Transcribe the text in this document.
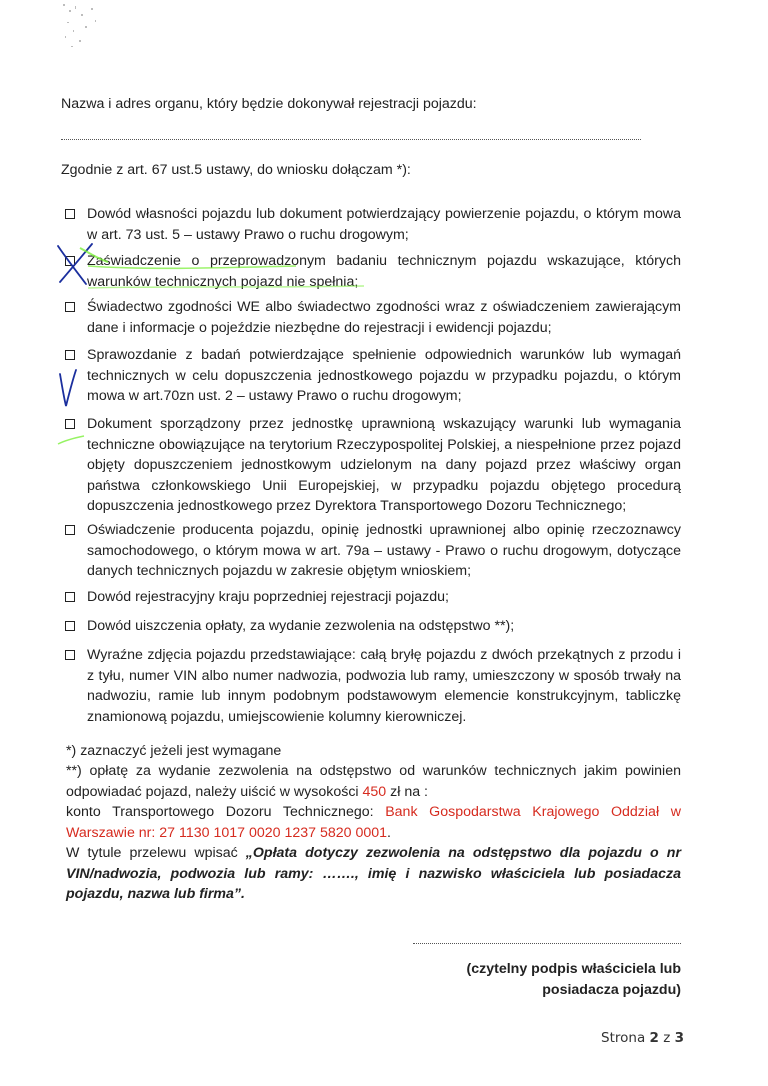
Nazwa i adres organu, który będzie dokonywał rejestracji pojazdu:
Zgodnie z art. 67 ust.5 ustawy, do wniosku dołączam *):
Dowód własności pojazdu lub dokument potwierdzający powierzenie pojazdu, o którym mowa w art. 73 ust. 5 – ustawy Prawo o ruchu drogowym;
Zaświadczenie o przeprowadzonym badaniu technicznym pojazdu wskazujące, których warunków technicznych pojazd nie spełnia;
Świadectwo zgodności WE albo świadectwo zgodności wraz z oświadczeniem zawierającym dane i informacje o pojeździe niezbędne do rejestracji i ewidencji pojazdu;
Sprawozdanie z badań potwierdzające spełnienie odpowiednich warunków lub wymagań technicznych w celu dopuszczenia jednostkowego pojazdu w przypadku pojazdu, o którym mowa w art.70zn ust. 2 – ustawy Prawo o ruchu drogowym;
Dokument sporządzony przez jednostkę uprawnioną wskazujący warunki lub wymagania techniczne obowiązujące na terytorium Rzeczypospolitej Polskiej, a niespełnione przez pojazd objęty dopuszczeniem jednostkowym udzielonym na dany pojazd przez właściwy organ państwa członkowskiego Unii Europejskiej, w przypadku pojazdu objętego procedurą dopuszczenia jednostkowego przez Dyrektora Transportowego Dozoru Technicznego;
Oświadczenie producenta pojazdu, opinię jednostki uprawnionej albo opinię rzeczoznawcy samochodowego, o którym mowa w art. 79a – ustawy - Prawo o ruchu drogowym, dotyczące danych technicznych pojazdu w zakresie objętym wnioskiem;
Dowód rejestracyjny kraju poprzedniej rejestracji pojazdu;
Dowód uiszczenia opłaty, za wydanie zezwolenia na odstępstwo **);
Wyraźne zdjęcia pojazdu przedstawiające: całą bryłę pojazdu z dwóch przekątnych z przodu i z tyłu, numer VIN albo numer nadwozia, podwozia lub ramy, umieszczony w sposób trwały na nadwoziu, ramie lub innym podobnym podstawowym elemencie konstrukcyjnym, tabliczkę znamionową pojazdu, umiejscowienie kolumny kierowniczej.
*) zaznaczyć jeżeli jest wymagane
**) opłatę za wydanie zezwolenia na odstępstwo od warunków technicznych jakim powinien odpowiadać pojazd, należy uiścić w wysokości 450 zł na :
konto Transportowego Dozoru Technicznego: Bank Gospodarstwa Krajowego Oddział w Warszawie nr: 27 1130 1017 0020 1237 5820 0001.
W tytule przelewu wpisać „Opłata dotyczy zezwolenia na odstępstwo dla pojazdu o nr VIN/nadwozia, podwozia lub ramy: ……., imię i nazwisko właściciela lub posiadacza pojazdu, nazwa lub firma”.
(czytelny podpis właściciela lub posiadacza pojazdu)
Strona 2 z 3
